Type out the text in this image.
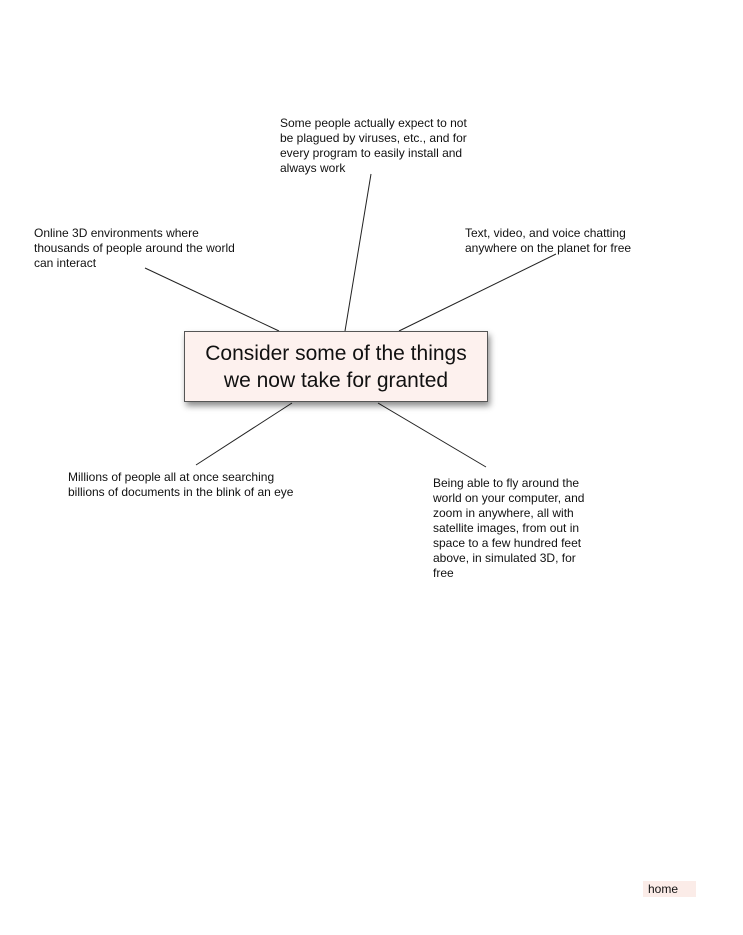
Some people actually expect to not be plagued by viruses, etc., and for every program to easily install and always work
Online 3D environments where thousands of people around the world can interact
Text, video, and voice chatting anywhere on the planet for free
Consider some of the things we now take for granted
Millions of people all at once searching billions of documents in the blink of an eye
Being able to fly around the world on your computer, and zoom in anywhere, all with satellite images, from out in space to a few hundred feet above, in simulated 3D, for free
home
